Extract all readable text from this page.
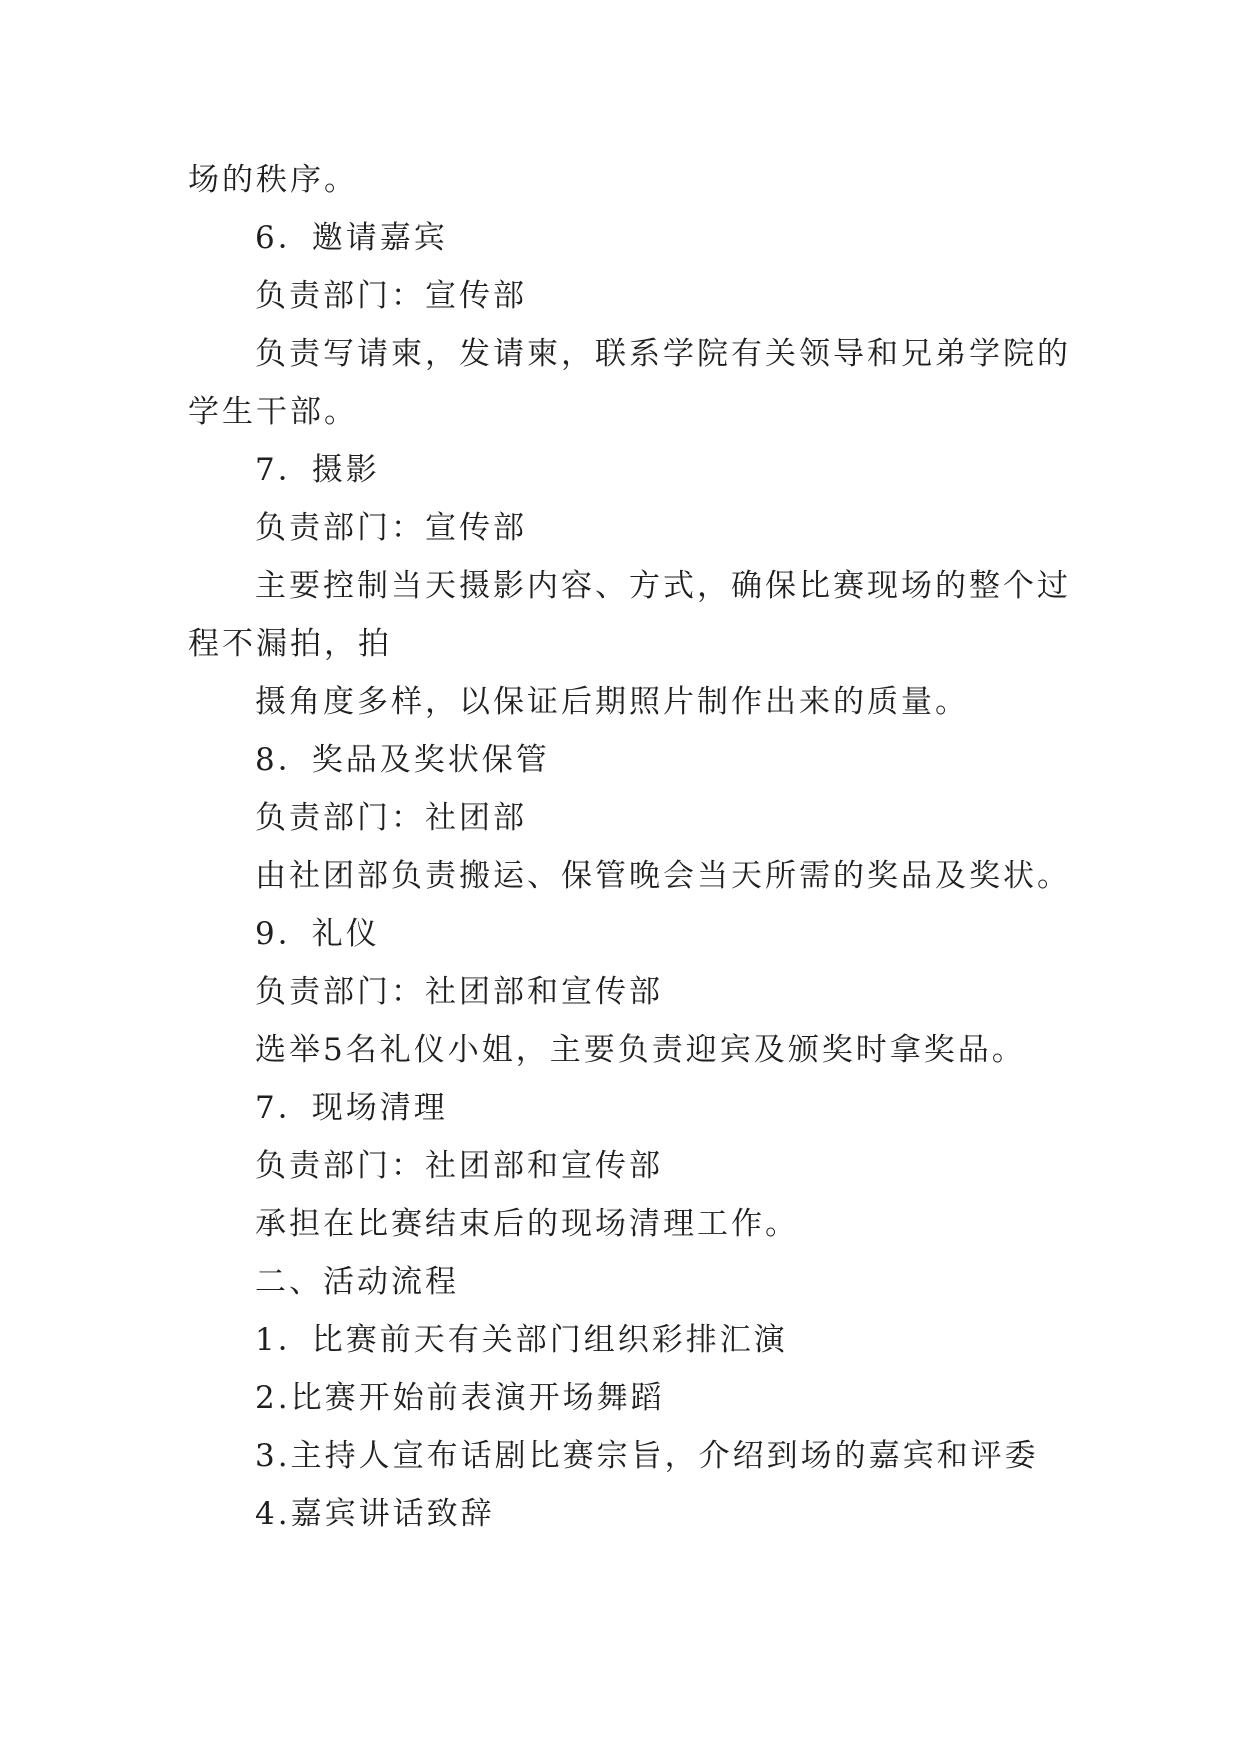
场的秩序。
6．邀请嘉宾
负责部门：宣传部
负责写请柬，发请柬，联系学院有关领导和兄弟学院的
学生干部。
7．摄影
负责部门：宣传部
主要控制当天摄影内容、方式，确保比赛现场的整个过
程不漏拍，拍
摄角度多样，以保证后期照片制作出来的质量。
8．奖品及奖状保管
负责部门：社团部
由社团部负责搬运、保管晚会当天所需的奖品及奖状。
9．礼仪
负责部门：社团部和宣传部
选举5名礼仪小姐，主要负责迎宾及颁奖时拿奖品。
7．现场清理
负责部门：社团部和宣传部
承担在比赛结束后的现场清理工作。
二、活动流程
1．比赛前天有关部门组织彩排汇演
2.比赛开始前表演开场舞蹈
3.主持人宣布话剧比赛宗旨，介绍到场的嘉宾和评委
4.嘉宾讲话致辞
